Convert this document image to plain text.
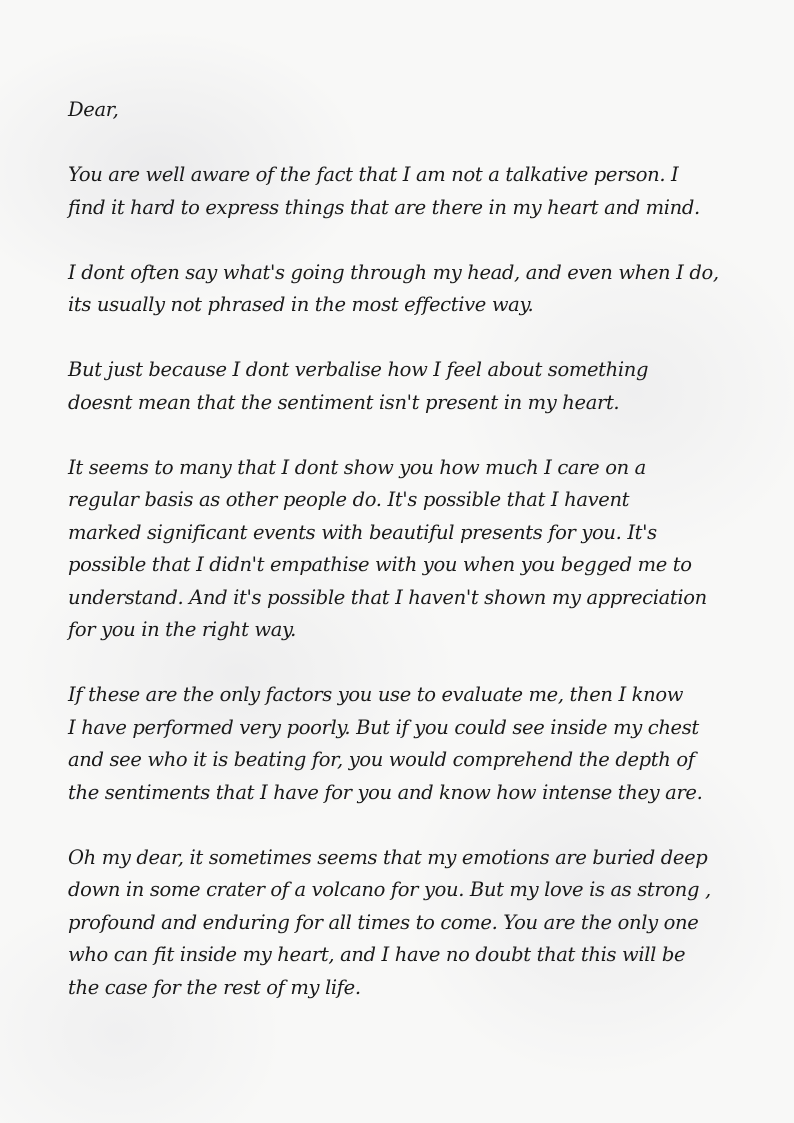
Dear,

You are well aware of the fact that I am not a talkative person. I
find it hard to express things that are there in my heart and mind.

I dont often say what's going through my head, and even when I do,
its usually not phrased in the most effective way.

But just because I dont verbalise how I feel about something
doesnt mean that the sentiment isn't present in my heart.

It seems to many that I dont show you how much I care on a
regular basis as other people do. It's possible that I havent
marked significant events with beautiful presents for you. It's
possible that I didn't empathise with you when you begged me to
understand. And it's possible that I haven't shown my appreciation
for you in the right way.

If these are the only factors you use to evaluate me, then I know
I have performed very poorly. But if you could see inside my chest
and see who it is beating for, you would comprehend the depth of
the sentiments that I have for you and know how intense they are.

Oh my dear, it sometimes seems that my emotions are buried deep
down in some crater of a volcano for you. But my love is as strong ,
profound and enduring for all times to come. You are the only one
who can fit inside my heart, and I have no doubt that this will be
the case for the rest of my life.
